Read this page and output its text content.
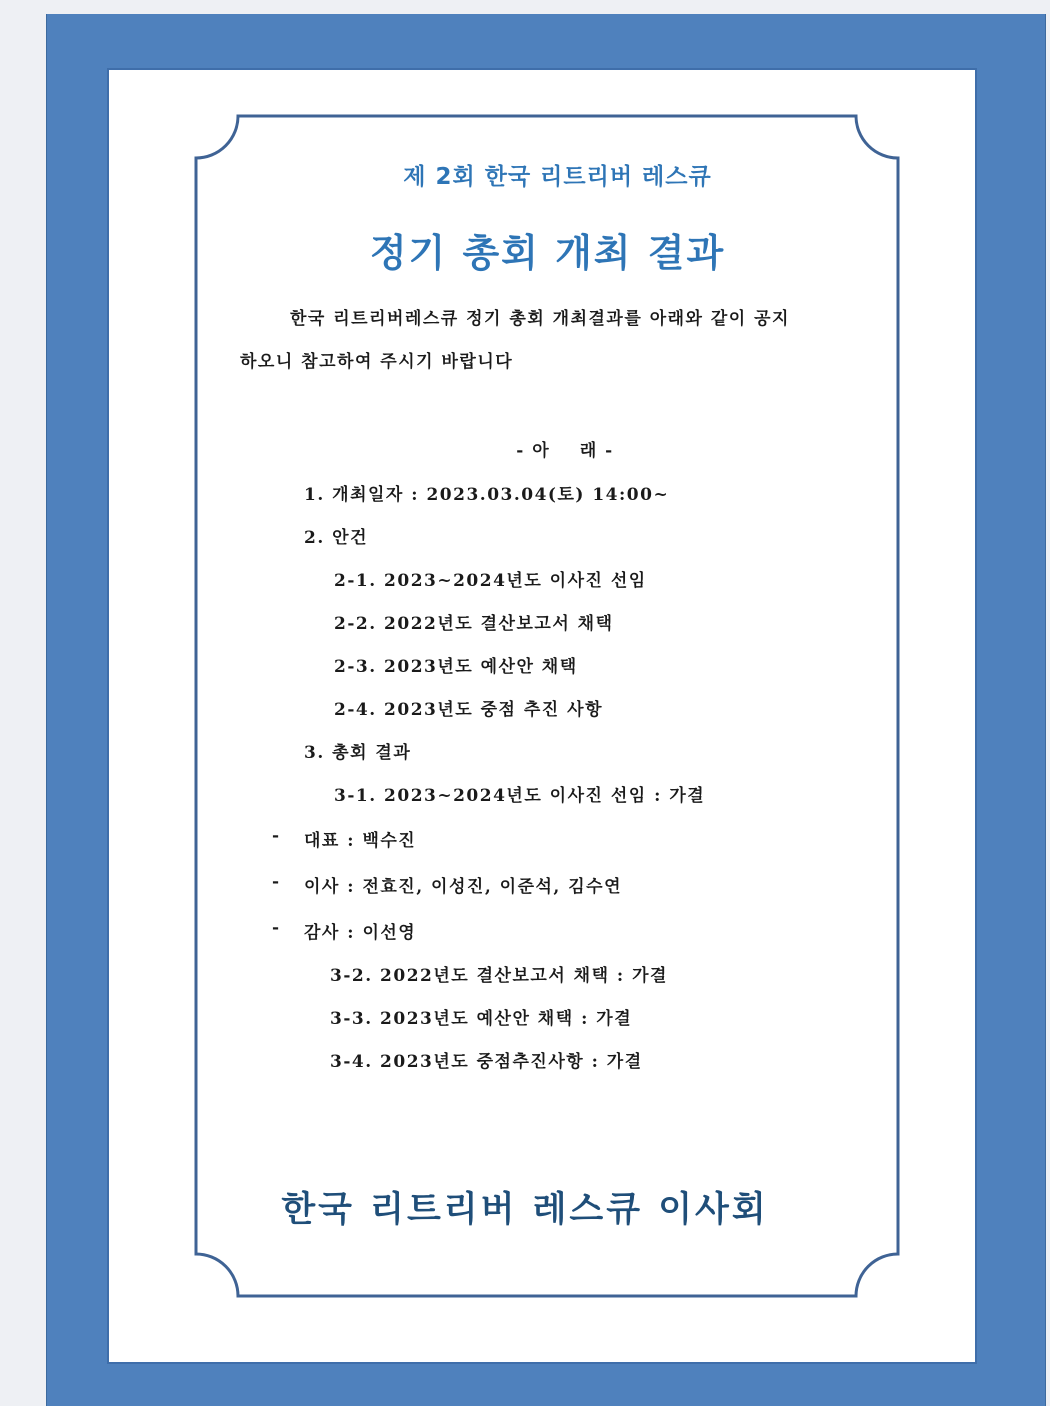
제 2회 한국 리트리버 레스큐
정기 총회 개최 결과
한국 리트리버레스큐 정기 총회 개최결과를 아래와 같이 공지
하오니 참고하여 주시기 바랍니다
- 아    래 -
1. 개최일자 : 2023.03.04(토) 14:00~
2. 안건
2-1. 2023~2024년도 이사진 선임
2-2. 2022년도 결산보고서 채택
2-3. 2023년도 예산안 채택
2-4. 2023년도 중점 추진 사항
3. 총회 결과
3-1. 2023~2024년도 이사진 선임 : 가결
- 대표 : 백수진
- 이사 : 전효진, 이성진, 이준석, 김수연
- 감사 : 이선영
3-2. 2022년도 결산보고서 채택 : 가결
3-3. 2023년도 예산안 채택 : 가결
3-4. 2023년도 중점추진사항 : 가결
한국 리트리버 레스큐 이사회
